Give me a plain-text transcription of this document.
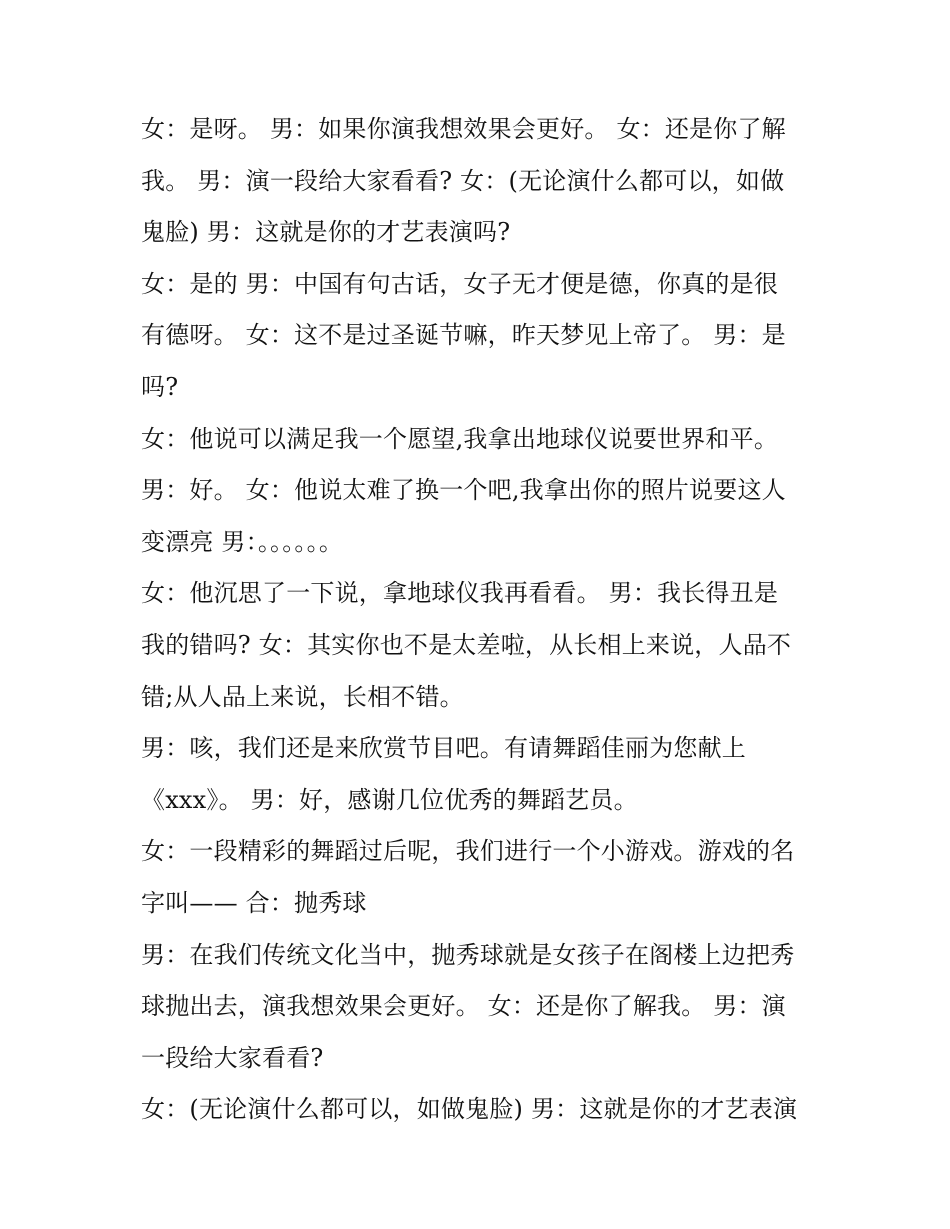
女：是呀。 男：如果你演我想效果会更好。 女：还是你了解
我。 男：演一段给大家看看? 女：(无论演什么都可以，如做
鬼脸) 男：这就是你的才艺表演吗?
女：是的 男：中国有句古话，女子无才便是德，你真的是很
有德呀。 女：这不是过圣诞节嘛，昨天梦见上帝了。 男：是
吗?
女：他说可以满足我一个愿望,我拿出地球仪说要世界和平。
男：好。 女：他说太难了换一个吧,我拿出你的照片说要这人
变漂亮 男：。。。。。。
女：他沉思了一下说，拿地球仪我再看看。 男：我长得丑是
我的错吗? 女：其实你也不是太差啦，从长相上来说，人品不
错;从人品上来说，长相不错。
男：咳，我们还是来欣赏节目吧。有请舞蹈佳丽为您献上
《xxx》。 男：好，感谢几位优秀的舞蹈艺员。
女：一段精彩的舞蹈过后呢，我们进行一个小游戏。游戏的名
字叫—— 合：抛秀球
男：在我们传统文化当中，抛秀球就是女孩子在阁楼上边把秀
球抛出去，演我想效果会更好。 女：还是你了解我。 男：演
一段给大家看看?
女：(无论演什么都可以，如做鬼脸) 男：这就是你的才艺表演
